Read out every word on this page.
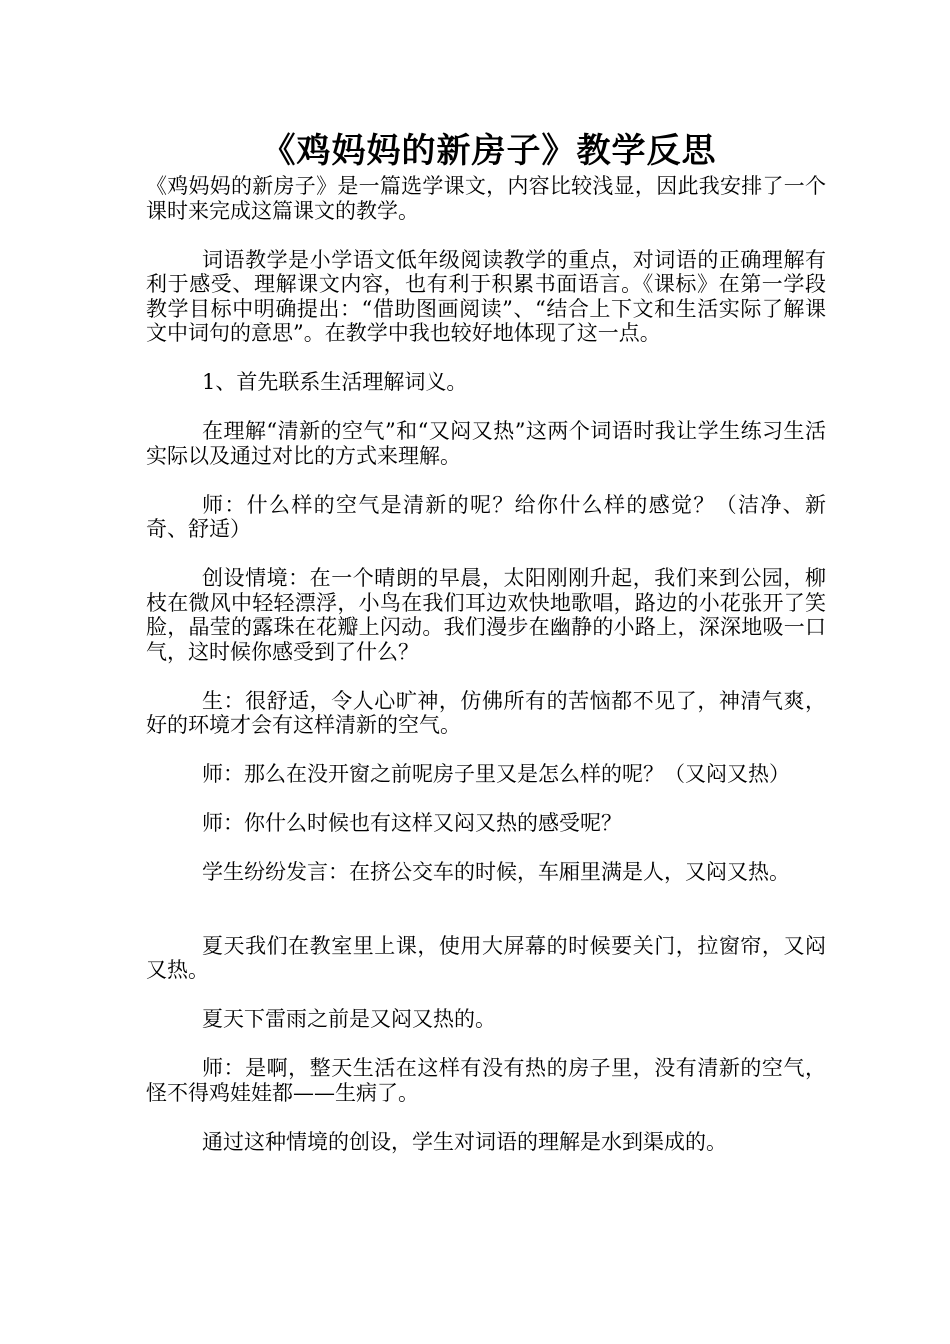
《鸡妈妈的新房子》教学反思

《鸡妈妈的新房子》是一篇选学课文，内容比较浅显，因此我安排了一个课时来完成这篇课文的教学。

词语教学是小学语文低年级阅读教学的重点，对词语的正确理解有利于感受、理解课文内容，也有利于积累书面语言。《课标》在第一学段教学目标中明确提出：“借助图画阅读”、“结合上下文和生活实际了解课文中词句的意思”。在教学中我也较好地体现了这一点。

1、首先联系生活理解词义。

在理解“清新的空气”和“又闷又热”这两个词语时我让学生练习生活实际以及通过对比的方式来理解。

师：什么样的空气是清新的呢？给你什么样的感觉？（洁净、新奇、舒适）

创设情境：在一个晴朗的早晨，太阳刚刚升起，我们来到公园，柳枝在微风中轻轻漂浮，小鸟在我们耳边欢快地歌唱，路边的小花张开了笑脸，晶莹的露珠在花瓣上闪动。我们漫步在幽静的小路上，深深地吸一口气，这时候你感受到了什么？

生：很舒适，令人心旷神，仿佛所有的苦恼都不见了，神清气爽，好的环境才会有这样清新的空气。

师：那么在没开窗之前呢房子里又是怎么样的呢？（又闷又热）

师：你什么时候也有这样又闷又热的感受呢？

学生纷纷发言：在挤公交车的时候，车厢里满是人，又闷又热。

夏天我们在教室里上课，使用大屏幕的时候要关门，拉窗帘，又闷又热。

夏天下雷雨之前是又闷又热的。

师：是啊，整天生活在这样有没有热的房子里，没有清新的空气，怪不得鸡娃娃都——生病了。

通过这种情境的创设，学生对词语的理解是水到渠成的。
